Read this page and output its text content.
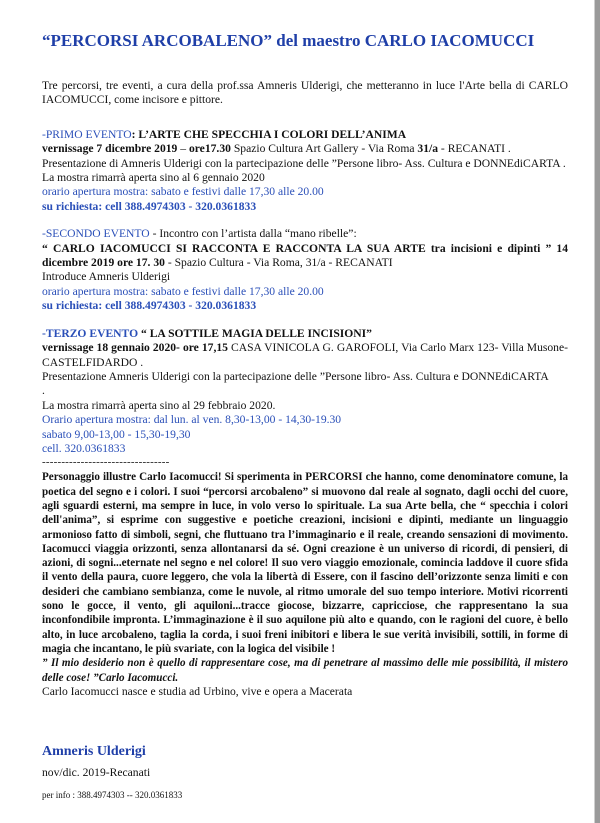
“PERCORSI ARCOBALENO” del maestro CARLO IACOMUCCI

Tre percorsi, tre eventi, a cura della prof.ssa Amneris Ulderigi, che metteranno in luce l'Arte bella di CARLO IACOMUCCI, come incisore e pittore.

-PRIMO EVENTO: L’ARTE CHE SPECCHIA I COLORI DELL’ANIMA

vernissage 7 dicembre 2019 – ore17.30 Spazio Cultura Art Gallery - Via Roma 31/a - RECANATI .

Presentazione di Amneris Ulderigi con la partecipazione delle ”Persone libro- Ass. Cultura e DONNEdiCARTA .

La mostra rimarrà aperta sino al 6 gennaio 2020

orario apertura mostra: sabato e festivi dalle 17,30 alle 20.00

su richiesta: cell 388.4974303 - 320.0361833

-SECONDO EVENTO - Incontro con l’artista dalla “mano ribelle”:

“ CARLO IACOMUCCI SI RACCONTA E RACCONTA LA SUA ARTE tra incisioni e dipinti ” 14 dicembre 2019 ore 17. 30 - Spazio Cultura - Via Roma, 31/a - RECANATI

Introduce Amneris Ulderigi

orario apertura mostra: sabato e festivi dalle 17,30 alle 20.00

su richiesta: cell 388.4974303 - 320.0361833

-TERZO EVENTO “ LA SOTTILE MAGIA DELLE INCISIONI”

vernissage 18 gennaio 2020- ore 17,15 CASA VINICOLA G. GAROFOLI, Via Carlo Marx 123- Villa Musone-CASTELFIDARDO .

Presentazione Amneris Ulderigi con la partecipazione delle ”Persone libro- Ass. Cultura e DONNEdiCARTA

.

La mostra rimarrà aperta sino al 29 febbraio 2020.

Orario apertura mostra: dal lun. al ven. 8,30-13,00 - 14,30-19.30

sabato 9,00-13,00 - 15,30-19,30

cell. 320.0361833

---------------------------------

Personaggio illustre Carlo Iacomucci! Si sperimenta in PERCORSI che hanno, come denominatore comune, la poetica del segno e i colori. I suoi “percorsi arcobaleno” si muovono dal reale al sognato, dagli occhi del cuore, agli sguardi esterni, ma sempre in luce, in volo verso lo spirituale. La sua Arte bella, che “ specchia i colori dell'anima”, si esprime con suggestive e poetiche creazioni, incisioni e dipinti, mediante un linguaggio armonioso fatto di simboli, segni, che fluttuano tra l’immaginario e il reale, creando sensazioni di movimento. Iacomucci viaggia orizzonti, senza allontanarsi da sé. Ogni creazione è un universo di ricordi, di pensieri, di azioni, di sogni...eternate nel segno e nel colore! Il suo vero viaggio emozionale, comincia laddove il cuore sfida il vento della paura, cuore leggero, che vola la libertà di Essere, con il fascino dell’orizzonte senza limiti e con desideri che cambiano sembianza, come le nuvole, al ritmo umorale del suo tempo interiore. Motivi ricorrenti sono le gocce, il vento, gli aquiloni...tracce giocose, bizzarre, capricciose, che rappresentano la sua inconfondibile impronta. L’immaginazione è il suo aquilone più alto e quando, con le ragioni del cuore, è bello alto, in luce arcobaleno, taglia la corda, i suoi freni inibitori e libera le sue verità invisibili, sottili, in forme di magia che incantano, le più svariate, con la logica del visibile !

” Il mio desiderio non è quello di rappresentare cose, ma di penetrare al massimo delle mie possibilità, il mistero delle cose! ”Carlo Iacomucci.

Carlo Iacomucci nasce e studia ad Urbino, vive e opera a Macerata

Amneris Ulderigi

nov/dic. 2019-Recanati

per info : 388.4974303 -- 320.0361833
